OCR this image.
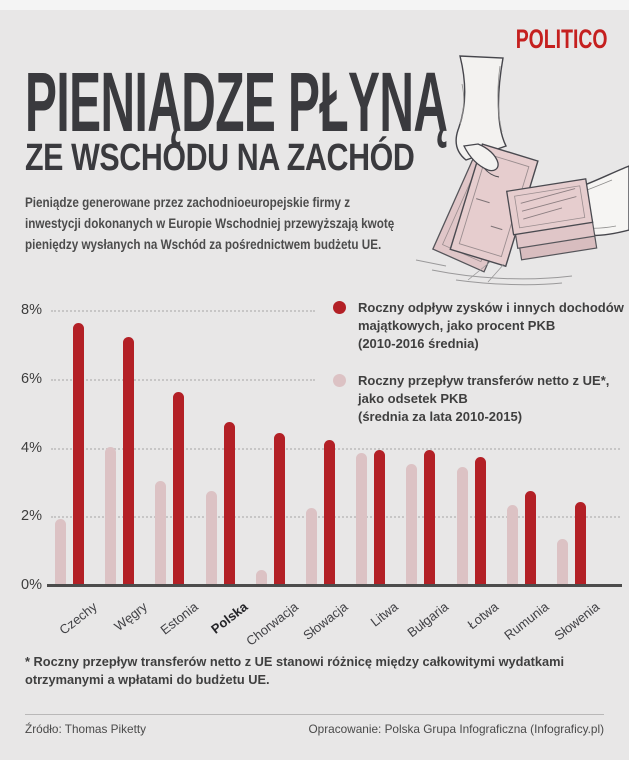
POLITICO
PIENIĄDZE PŁYNĄ
ZE WSCHODU NA ZACHÓD

Pieniądze generowane przez zachodnioeuropejskie firmy z inwestycji dokonanych w Europie Wschodniej przewyższają kwotę pieniędzy wysłanych na Wschód za pośrednictwem budżetu UE.

8%
6%
4%
2%
0%
Czechy Węgry Estonia Polska
Chorwacja Słowacja	Litwa Bułgaria	Łotwa Rumunia Słowenia
Roczny odpływ zysków i innych dochodów
majątkowych, jako procent PKB
(2010-2016 średnia)
Roczny przepływ transferów netto z UE*,
jako odsetek PKB
(średnia za lata 2010-2015)

* Roczny przepływ transferów netto z UE stanowi różnicę między całkowitymi wydatkami otrzymanymi a wpłatami do budżetu UE.

Źródło: Thomas Piketty	Opracowanie: Polska Grupa Infograficzna (Infograficy.pl)
